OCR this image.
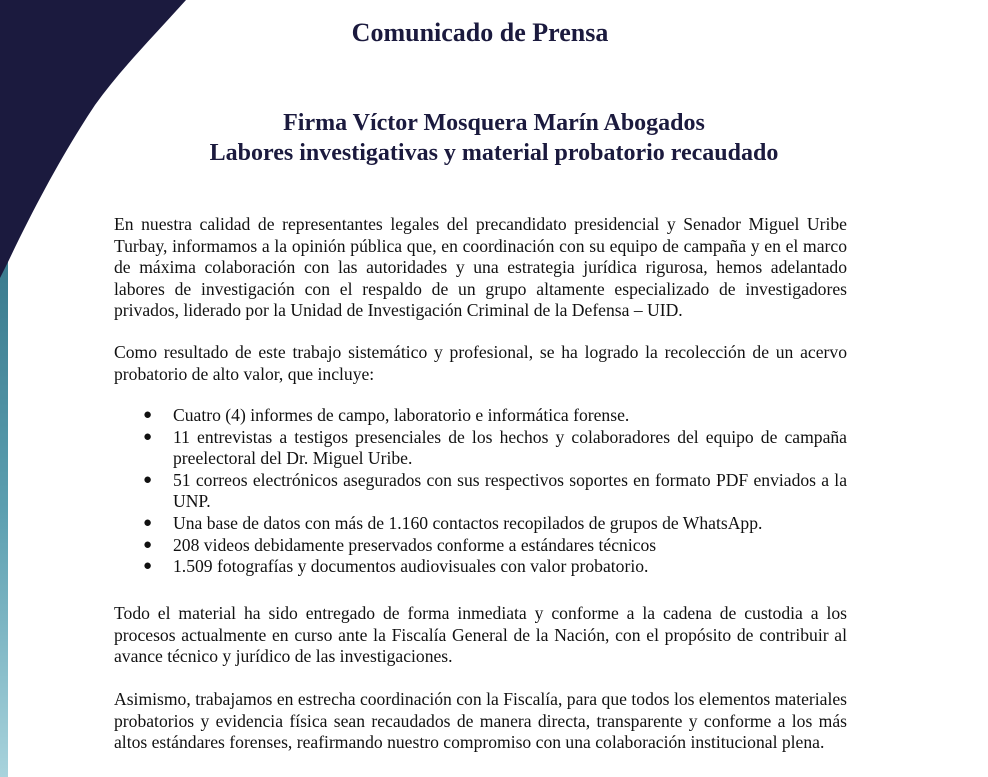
Comunicado de Prensa
Firma Víctor Mosquera Marín Abogados
Labores investigativas y material probatorio recaudado

En nuestra calidad de representantes legales del precandidato presidencial y Senador Miguel Uribe Turbay, informamos a la opinión pública que, en coordinación con su equipo de campaña y en el marco de máxima colaboración con las autoridades y una estrategia jurídica rigurosa, hemos adelantado labores de investigación con el respaldo de un grupo altamente especializado de investigadores privados, liderado por la Unidad de Investigación Criminal de la Defensa – UID.

Como resultado de este trabajo sistemático y profesional, se ha logrado la recolección de un acervo probatorio de alto valor, que incluye:

● Cuatro (4) informes de campo, laboratorio e informática forense.
● 11 entrevistas a testigos presenciales de los hechos y colaboradores del equipo de campaña preelectoral del Dr. Miguel Uribe.
● 51 correos electrónicos asegurados con sus respectivos soportes en formato PDF enviados a la UNP.
● Una base de datos con más de 1.160 contactos recopilados de grupos de WhatsApp.
● 208 videos debidamente preservados conforme a estándares técnicos
● 1.509 fotografías y documentos audiovisuales con valor probatorio.

Todo el material ha sido entregado de forma inmediata y conforme a la cadena de custodia a los procesos actualmente en curso ante la Fiscalía General de la Nación, con el propósito de contribuir al avance técnico y jurídico de las investigaciones.

Asimismo, trabajamos en estrecha coordinación con la Fiscalía, para que todos los elementos materiales probatorios y evidencia física sean recaudados de manera directa, transparente y conforme a los más altos estándares forenses, reafirmando nuestro compromiso con una colaboración institucional plena.
